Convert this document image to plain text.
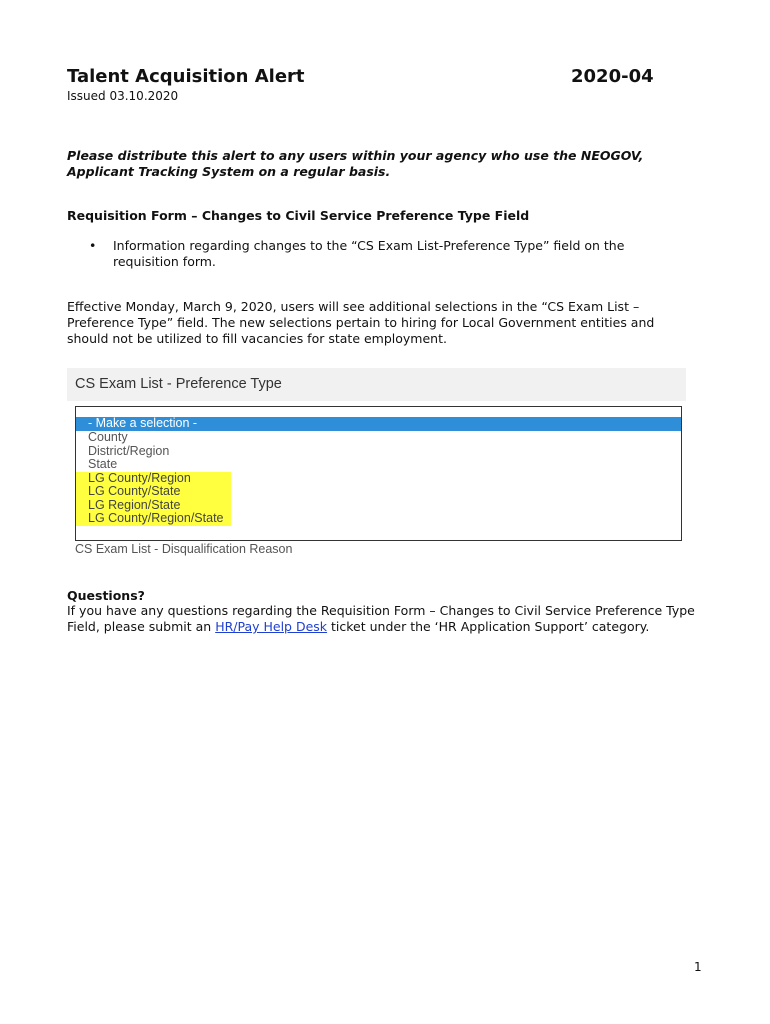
Talent Acquisition Alert	2020-04
Issued 03.10.2020
Please distribute this alert to any users within your agency who use the NEOGOV, Applicant Tracking System on a regular basis.
Requisition Form – Changes to Civil Service Preference Type Field
• Information regarding changes to the “CS Exam List-Preference Type” field on the requisition form.
Effective Monday, March 9, 2020, users will see additional selections in the “CS Exam List – Preference Type” field. The new selections pertain to hiring for Local Government entities and should not be utilized to fill vacancies for state employment.
CS Exam List - Preference Type
- Make a selection -
County
District/Region
State
LG County/Region
LG County/State
LG Region/State
LG County/Region/State
CS Exam List - Disqualification Reason
Questions?
If you have any questions regarding the Requisition Form – Changes to Civil Service Preference Type Field, please submit an HR/Pay Help Desk ticket under the ‘HR Application Support’ category.
1
